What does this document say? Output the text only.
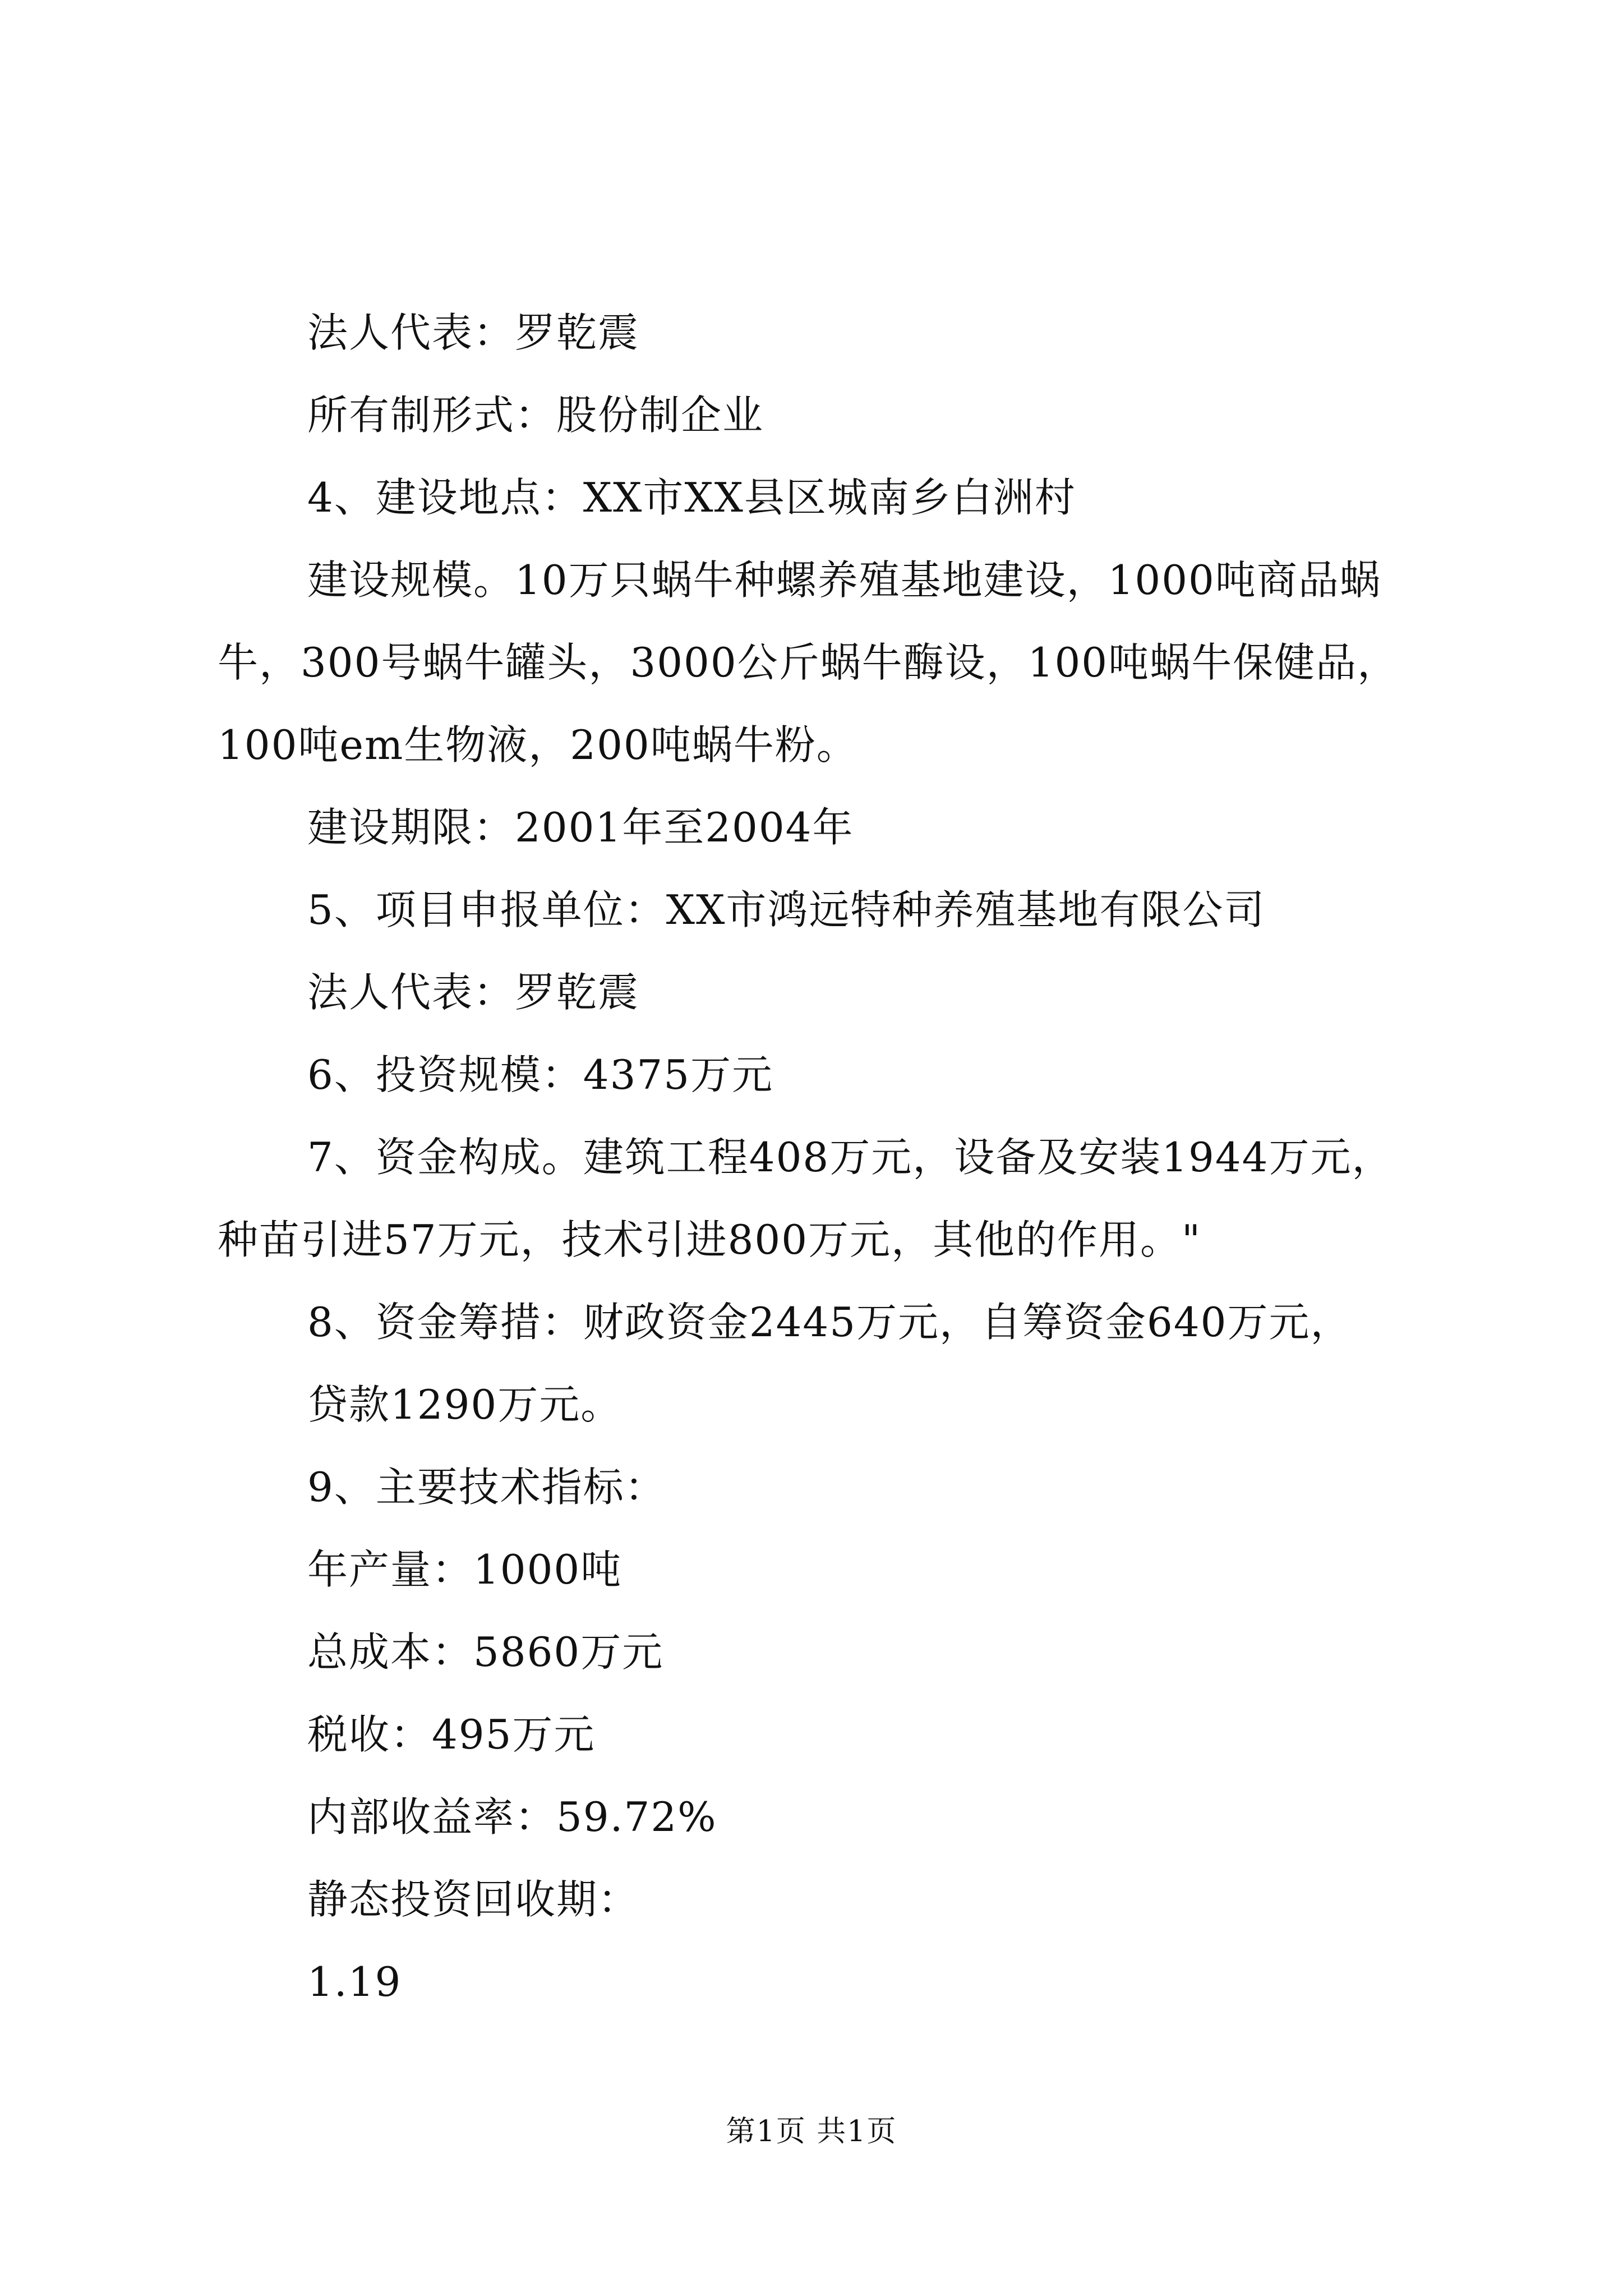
法人代表：罗乾震
所有制形式：股份制企业
4、建设地点：XX市XX县区城南乡白洲村
建设规模。10万只蜗牛种螺养殖基地建设，1000吨商品蜗
牛，300号蜗牛罐头，3000公斤蜗牛酶设，100吨蜗牛保健品，
100吨em生物液，200吨蜗牛粉。
建设期限：2001年至2004年
5、项目申报单位：XX市鸿远特种养殖基地有限公司
法人代表：罗乾震
6、投资规模：4375万元
7、资金构成。建筑工程408万元，设备及安装1944万元，
种苗引进57万元，技术引进800万元，其他的作用。"
8、资金筹措：财政资金2445万元，自筹资金640万元，
贷款1290万元。
9、主要技术指标：
年产量：1000吨
总成本：5860万元
税收：495万元
内部收益率：59.72%
静态投资回收期：
1.19
第1页 共1页
